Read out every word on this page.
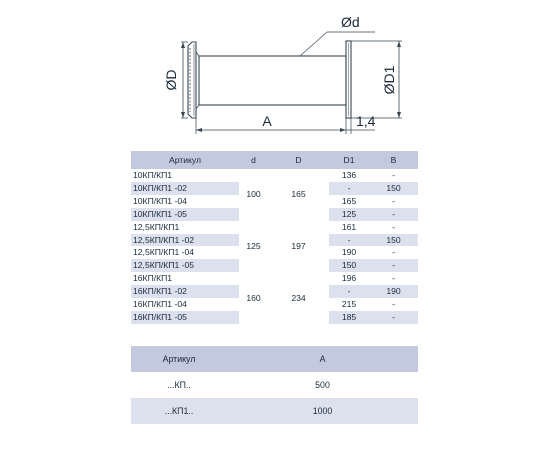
ØD	ØD1
Ød
A	1,4
Артикул	d	D	D1	B
10КП/КП1	100	165	136	-
10КП/КП1 -02			-	150
10КП/КП1 -04			165	-
10КП/КП1 -05			125	-
12,5КП/КП1	125	197	161	-
12,5КП/КП1 -02			-	150
12,5КП/КП1 -04			190	-
12,5КП/КП1 -05			150	-
16КП/КП1	160	234	196	-
16КП/КП1 -02			-	190
16КП/КП1 -04			215	-
16КП/КП1 -05			185	-
Артикул	A
...КП..	500
...КП1..	1000
